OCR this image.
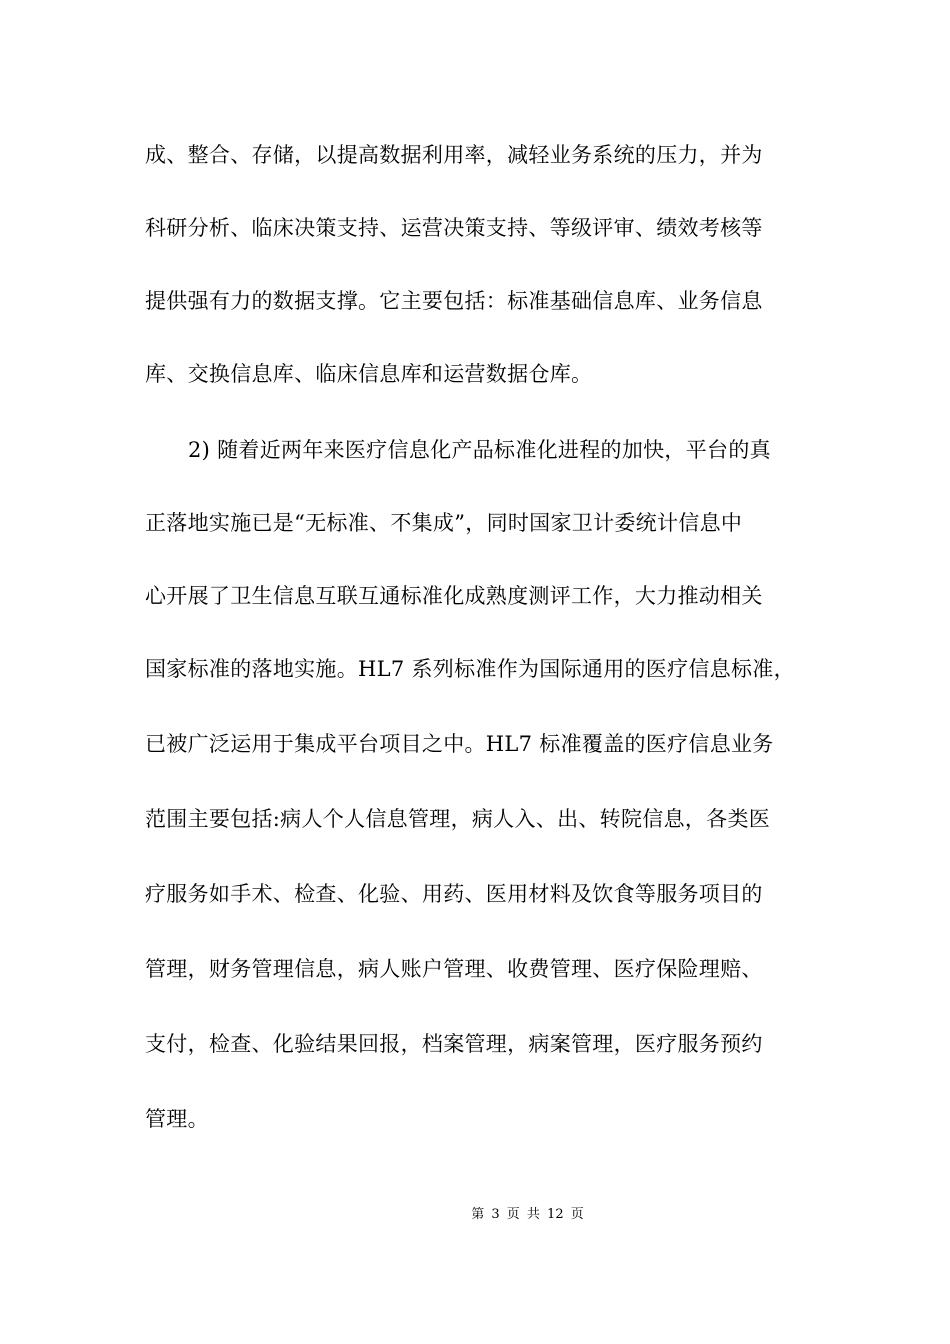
成、整合、存储，以提高数据利用率，减轻业务系统的压力，并为
科研分析、临床决策支持、运营决策支持、等级评审、绩效考核等
提供强有力的数据支撑。它主要包括：标准基础信息库、业务信息
库、交换信息库、临床信息库和运营数据仓库。
2) 随着近两年来医疗信息化产品标准化进程的加快，平台的真
正落地实施已是“无标准、不集成”，同时国家卫计委统计信息中
心开展了卫生信息互联互通标准化成熟度测评工作，大力推动相关
国家标准的落地实施。HL7 系列标准作为国际通用的医疗信息标准，
已被广泛运用于集成平台项目之中。HL7 标准覆盖的医疗信息业务
范围主要包括:病人个人信息管理，病人入、出、转院信息，各类医
疗服务如手术、检查、化验、用药、医用材料及饮食等服务项目的
管理，财务管理信息，病人账户管理、收费管理、医疗保险理赔、
支付，检查、化验结果回报，档案管理，病案管理，医疗服务预约
管理。
第 3 页 共 12 页
